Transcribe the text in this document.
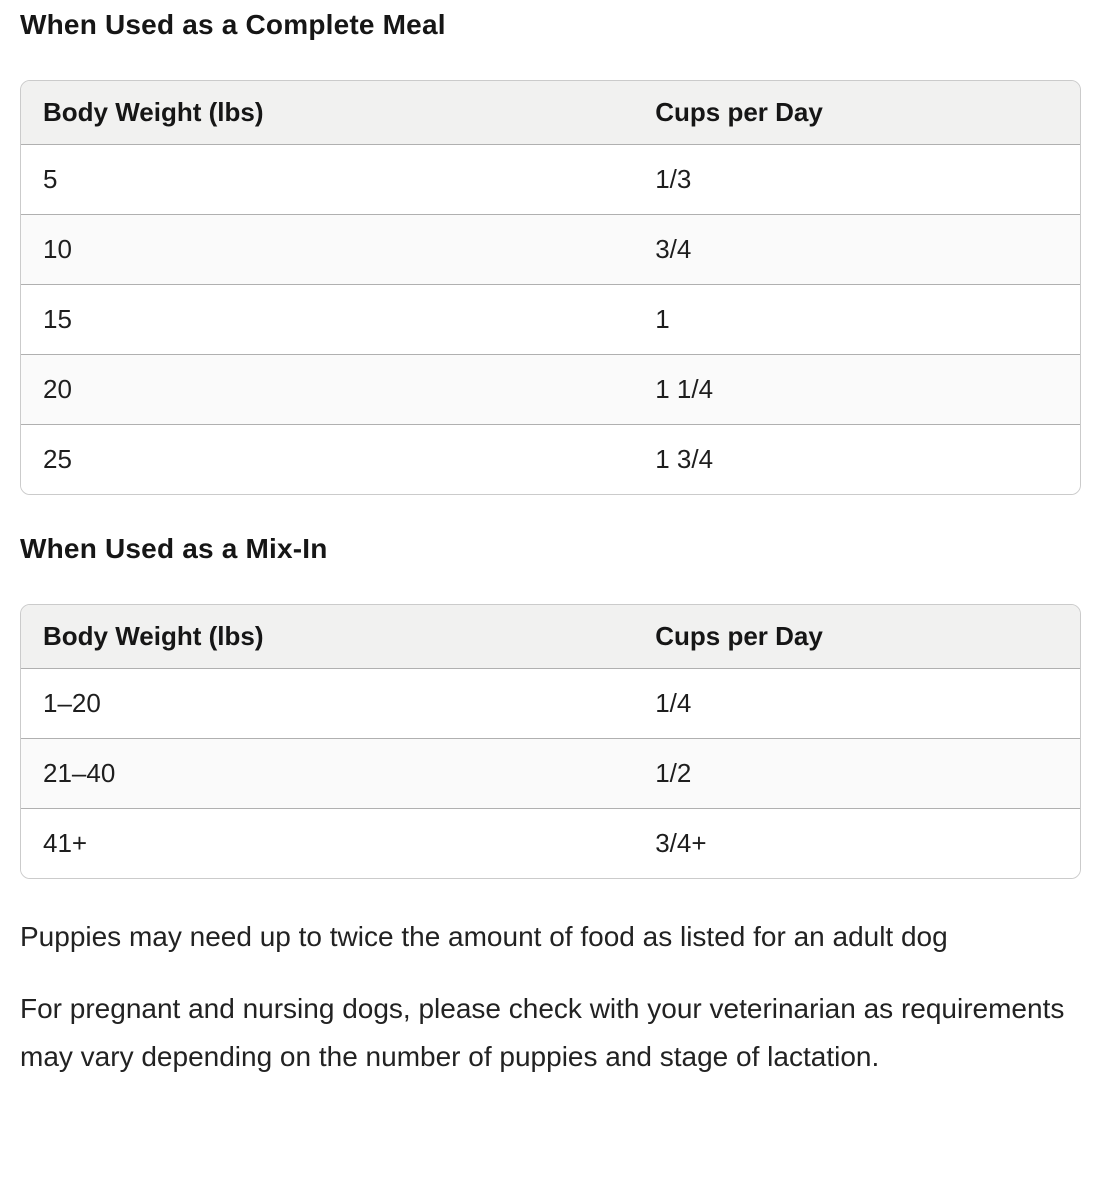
When Used as a Complete Meal
Body Weight (lbs)	Cups per Day
5	1/3
10	3/4
15	1
20	1 1/4
25	1 3/4
When Used as a Mix-In
Body Weight (lbs)	Cups per Day
1–20	1/4
21–40	1/2
41+	3/4+

Puppies may need up to twice the amount of food as listed for an adult dog

For pregnant and nursing dogs, please check with your veterinarian as requirements may vary depending on the number of puppies and stage of lactation.
